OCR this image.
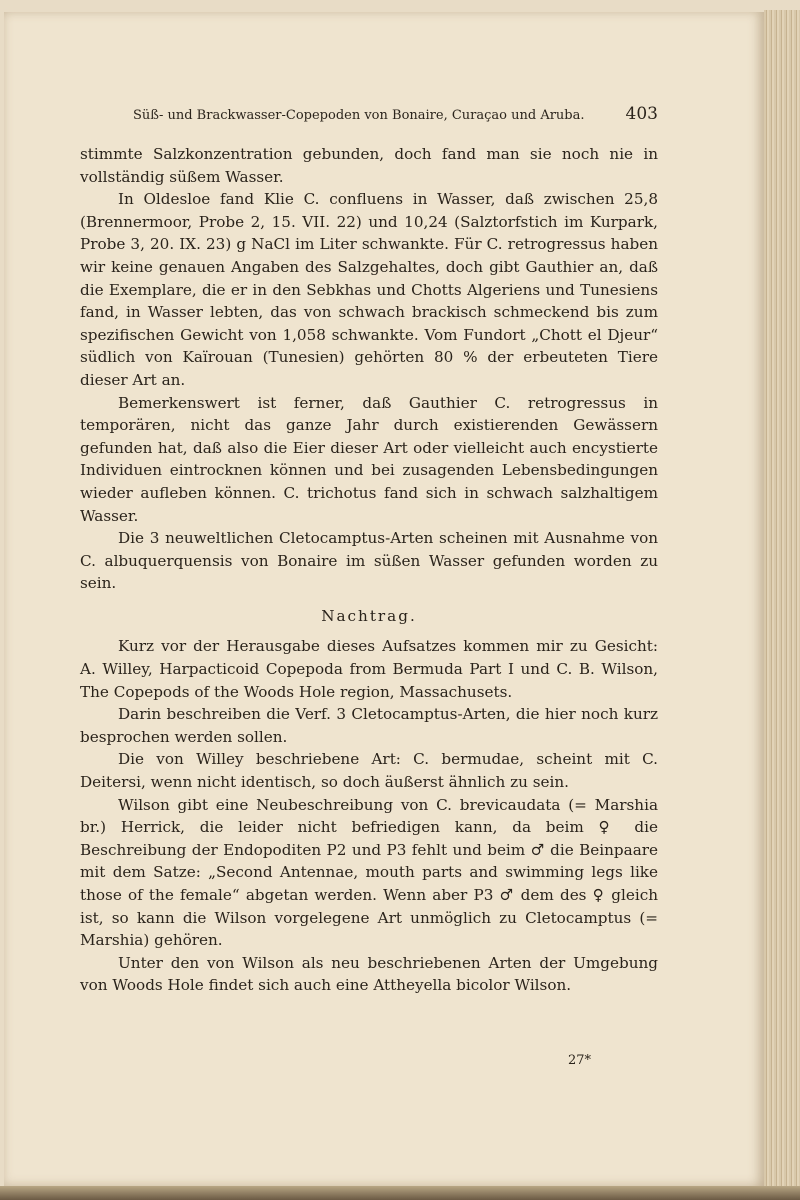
Süß- und Brackwasser-Copepoden von Bonaire, Curaçao und Aruba. 403

stimmte Salzkonzentration gebunden, doch fand man sie noch nie in vollständig süßem Wasser.

In Oldesloe fand Klie C. confluens in Wasser, daß zwischen 25,8 (Brennermoor, Probe 2, 15. VII. 22) und 10,24 (Salztorfstich im Kurpark, Probe 3, 20. IX. 23) g NaCl im Liter schwankte. Für C. retrogressus haben wir keine genauen Angaben des Salzgehaltes, doch gibt Gauthier an, daß die Exemplare, die er in den Sebkhas und Chotts Algeriens und Tunesiens fand, in Wasser lebten, das von schwach brackisch schmeckend bis zum spezifischen Gewicht von 1,058 schwankte. Vom Fundort „Chott el Djeur“ südlich von Kaïrouan (Tunesien) gehörten 80 % der erbeuteten Tiere dieser Art an.

Bemerkenswert ist ferner, daß Gauthier C. retrogressus in temporären, nicht das ganze Jahr durch existierenden Gewässern gefunden hat, daß also die Eier dieser Art oder vielleicht auch encystierte Individuen eintrocknen können und bei zusagenden Lebensbedingungen wieder aufleben können. C. trichotus fand sich in schwach salzhaltigem Wasser.

Die 3 neuweltlichen Cletocamptus-Arten scheinen mit Ausnahme von C. albuquerquensis von Bonaire im süßen Wasser gefunden worden zu sein.

Nachtrag.

Kurz vor der Herausgabe dieses Aufsatzes kommen mir zu Gesicht: A. Willey, Harpacticoid Copepoda from Bermuda Part I und C. B. Wilson, The Copepods of the Woods Hole region, Massachusets.

Darin beschreiben die Verf. 3 Cletocamptus-Arten, die hier noch kurz besprochen werden sollen.

Die von Willey beschriebene Art: C. bermudae, scheint mit C. Deitersi, wenn nicht identisch, so doch äußerst ähnlich zu sein.

Wilson gibt eine Neubeschreibung von C. brevicaudata (= Marshia br.) Herrick, die leider nicht befriedigen kann, da beim ♀ die Beschreibung der Endopoditen P2 und P3 fehlt und beim ♂ die Beinpaare mit dem Satze: „Second Antennae, mouth parts and swimming legs like those of the female“ abgetan werden. Wenn aber P3 ♂ dem des ♀ gleich ist, so kann die Wilson vorgelegene Art unmöglich zu Cletocamptus (= Marshia) gehören.

Unter den von Wilson als neu beschriebenen Arten der Umgebung von Woods Hole findet sich auch eine Attheyella bicolor Wilson.

27*
